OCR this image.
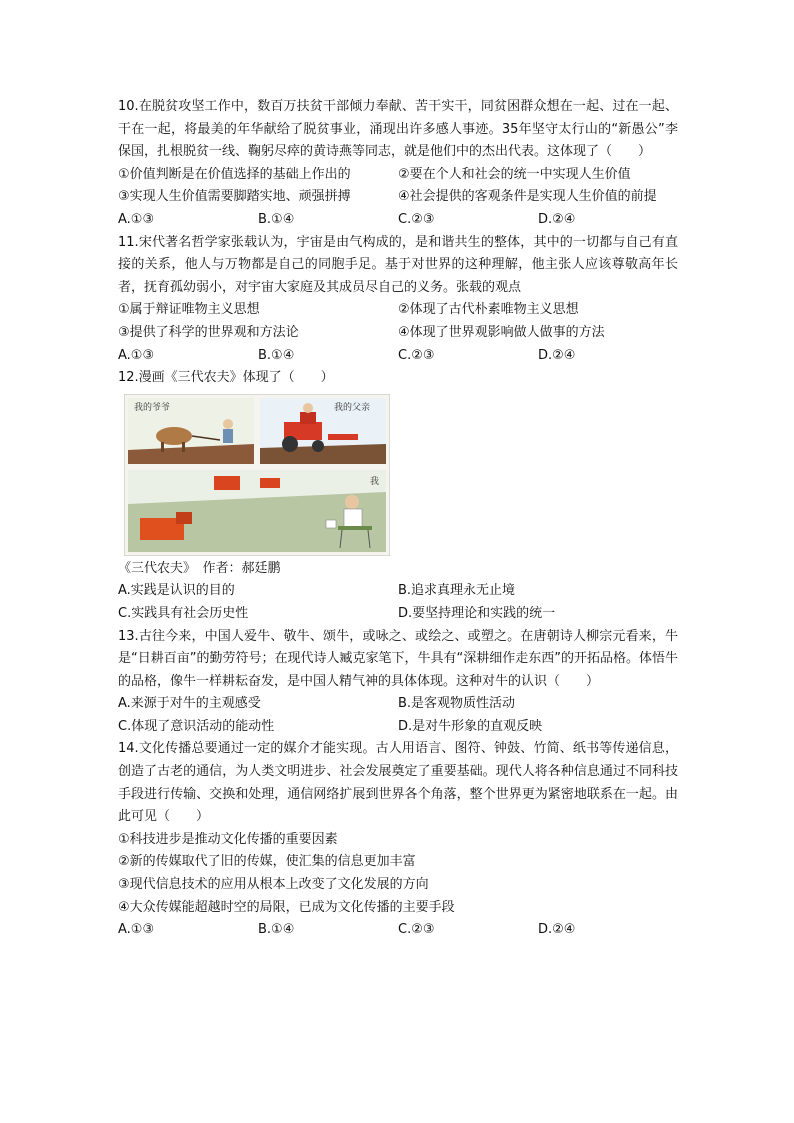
10.在脱贫攻坚工作中，数百万扶贫干部倾力奉献、苦干实干，同贫困群众想在一起、过在一起、干在一起，将最美的年华献给了脱贫事业，涌现出许多感人事迹。35年坚守太行山的“新愚公”李保国，扎根脱贫一线、鞠躬尽瘁的黄诗燕等同志，就是他们中的杰出代表。这体现了（　　）

①价值判断是在价值选择的基础上作出的	②要在个人和社会的统一中实现人生价值
③实现人生价值需要脚踏实地、顽强拼搏	④社会提供的客观条件是实现人生价值的前提
A.①③	B.①④	C.②③	D.②④

11.宋代著名哲学家张载认为，宇宙是由气构成的，是和谐共生的整体，其中的一切都与自己有直接的关系，他人与万物都是自己的同胞手足。基于对世界的这种理解，他主张人应该尊敬高年长者，抚育孤幼弱小，对宇宙大家庭及其成员尽自己的义务。张载的观点

①属于辩证唯物主义思想	②体现了古代朴素唯物主义思想
③提供了科学的世界观和方法论	④体现了世界观影响做人做事的方法
A.①③	B.①④	C.②③	D.②④

12.漫画《三代农夫》体现了（　　）

我的爷爷	我的父亲
我

《三代农夫》　作者：郝廷鹏

A.实践是认识的目的	B.追求真理永无止境
C.实践具有社会历史性	D.要坚持理论和实践的统一

13.古往今来，中国人爱牛、敬牛、颂牛，或咏之、或绘之、或塑之。在唐朝诗人柳宗元看来，牛是“日耕百亩”的勤劳符号；在现代诗人臧克家笔下，牛具有“深耕细作走东西”的开拓品格。体悟牛的品格，像牛一样耕耘奋发，是中国人精气神的具体体现。这种对牛的认识（　　）

A.来源于对牛的主观感受	B.是客观物质性活动
C.体现了意识活动的能动性	D.是对牛形象的直观反映

14.文化传播总要通过一定的媒介才能实现。古人用语言、图符、钟鼓、竹简、纸书等传递信息，创造了古老的通信，为人类文明进步、社会发展奠定了重要基础。现代人将各种信息通过不同科技手段进行传输、交换和处理，通信网络扩展到世界各个角落，整个世界更为紧密地联系在一起。由此可见（　　）

①科技进步是推动文化传播的重要因素

②新的传媒取代了旧的传媒，使汇集的信息更加丰富

③现代信息技术的应用从根本上改变了文化发展的方向

④大众传媒能超越时空的局限，已成为文化传播的主要手段

A.①③	B.①④	C.②③	D.②④
